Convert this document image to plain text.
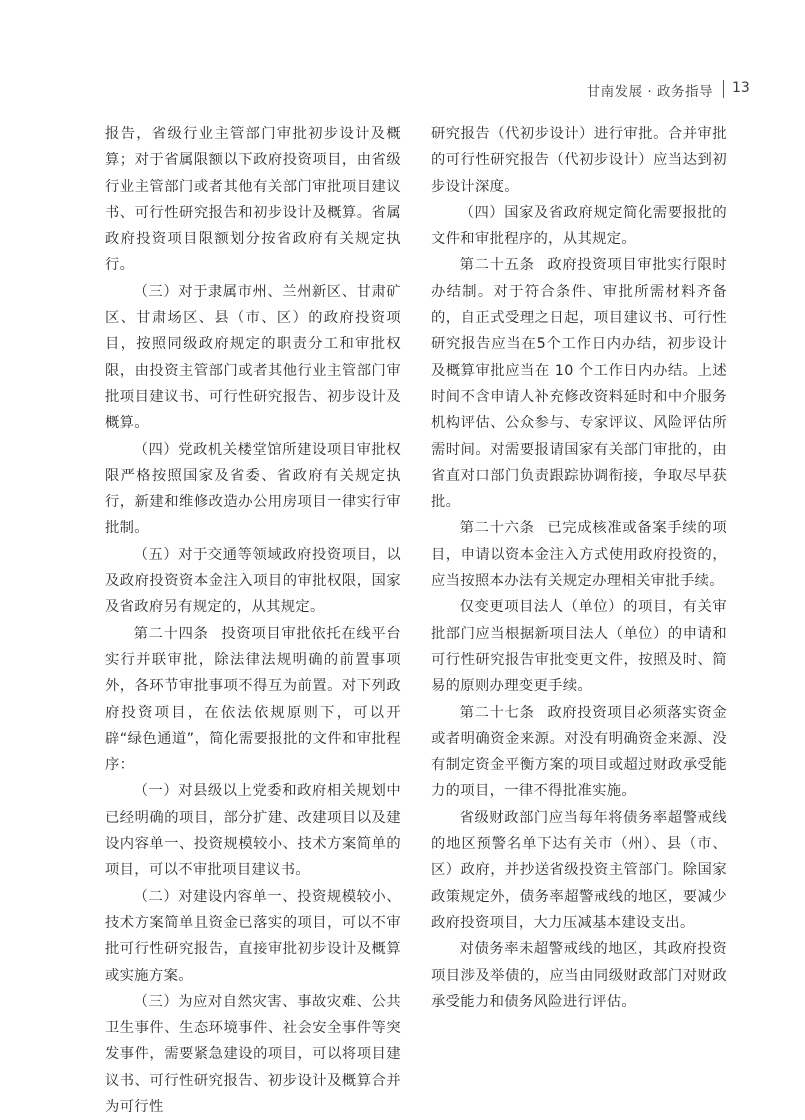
甘南发展 · 政务指导 13

报告，省级行业主管部门审批初步设计及概算；对于省属限额以下政府投资项目，由省级行业主管部门或者其他有关部门审批项目建议书、可行性研究报告和初步设计及概算。省属政府投资项目限额划分按省政府有关规定执行。

（三）对于隶属市州、兰州新区、甘肃矿区、甘肃场区、县（市、区）的政府投资项目，按照同级政府规定的职责分工和审批权限，由投资主管部门或者其他行业主管部门审批项目建议书、可行性研究报告、初步设计及概算。

（四）党政机关楼堂馆所建设项目审批权限严格按照国家及省委、省政府有关规定执行，新建和维修改造办公用房项目一律实行审批制。

（五）对于交通等领域政府投资项目，以及政府投资资本金注入项目的审批权限，国家及省政府另有规定的，从其规定。

第二十四条 投资项目审批依托在线平台实行并联审批，除法律法规明确的前置事项外，各环节审批事项不得互为前置。对下列政府投资项目，在依法依规原则下，可以开辟“绿色通道”，简化需要报批的文件和审批程序：

（一）对县级以上党委和政府相关规划中已经明确的项目，部分扩建、改建项目以及建设内容单一、投资规模较小、技术方案简单的项目，可以不审批项目建议书。

（二）对建设内容单一、投资规模较小、技术方案简单且资金已落实的项目，可以不审批可行性研究报告，直接审批初步设计及概算或实施方案。

（三）为应对自然灾害、事故灾难、公共卫生事件、生态环境事件、社会安全事件等突发事件，需要紧急建设的项目，可以将项目建议书、可行性研究报告、初步设计及概算合并为可行性

研究报告（代初步设计）进行审批。合并审批的可行性研究报告（代初步设计）应当达到初步设计深度。

（四）国家及省政府规定简化需要报批的文件和审批程序的，从其规定。

第二十五条 政府投资项目审批实行限时办结制。对于符合条件、审批所需材料齐备的，自正式受理之日起，项目建议书、可行性研究报告应当在5个工作日内办结，初步设计及概算审批应当在 10 个工作日内办结。上述时间不含申请人补充修改资料延时和中介服务机构评估、公众参与、专家评议、风险评估所需时间。对需要报请国家有关部门审批的，由省直对口部门负责跟踪协调衔接，争取尽早获批。

第二十六条 已完成核准或备案手续的项目，申请以资本金注入方式使用政府投资的，应当按照本办法有关规定办理相关审批手续。

仅变更项目法人（单位）的项目，有关审批部门应当根据新项目法人（单位）的申请和可行性研究报告审批变更文件，按照及时、简易的原则办理变更手续。

第二十七条 政府投资项目必须落实资金或者明确资金来源。对没有明确资金来源、没有制定资金平衡方案的项目或超过财政承受能力的项目，一律不得批准实施。

省级财政部门应当每年将债务率超警戒线的地区预警名单下达有关市（州）、县（市、区）政府，并抄送省级投资主管部门。除国家政策规定外，债务率超警戒线的地区，要减少政府投资项目，大力压减基本建设支出。

对债务率未超警戒线的地区，其政府投资项目涉及举债的，应当由同级财政部门对财政承受能力和债务风险进行评估。
